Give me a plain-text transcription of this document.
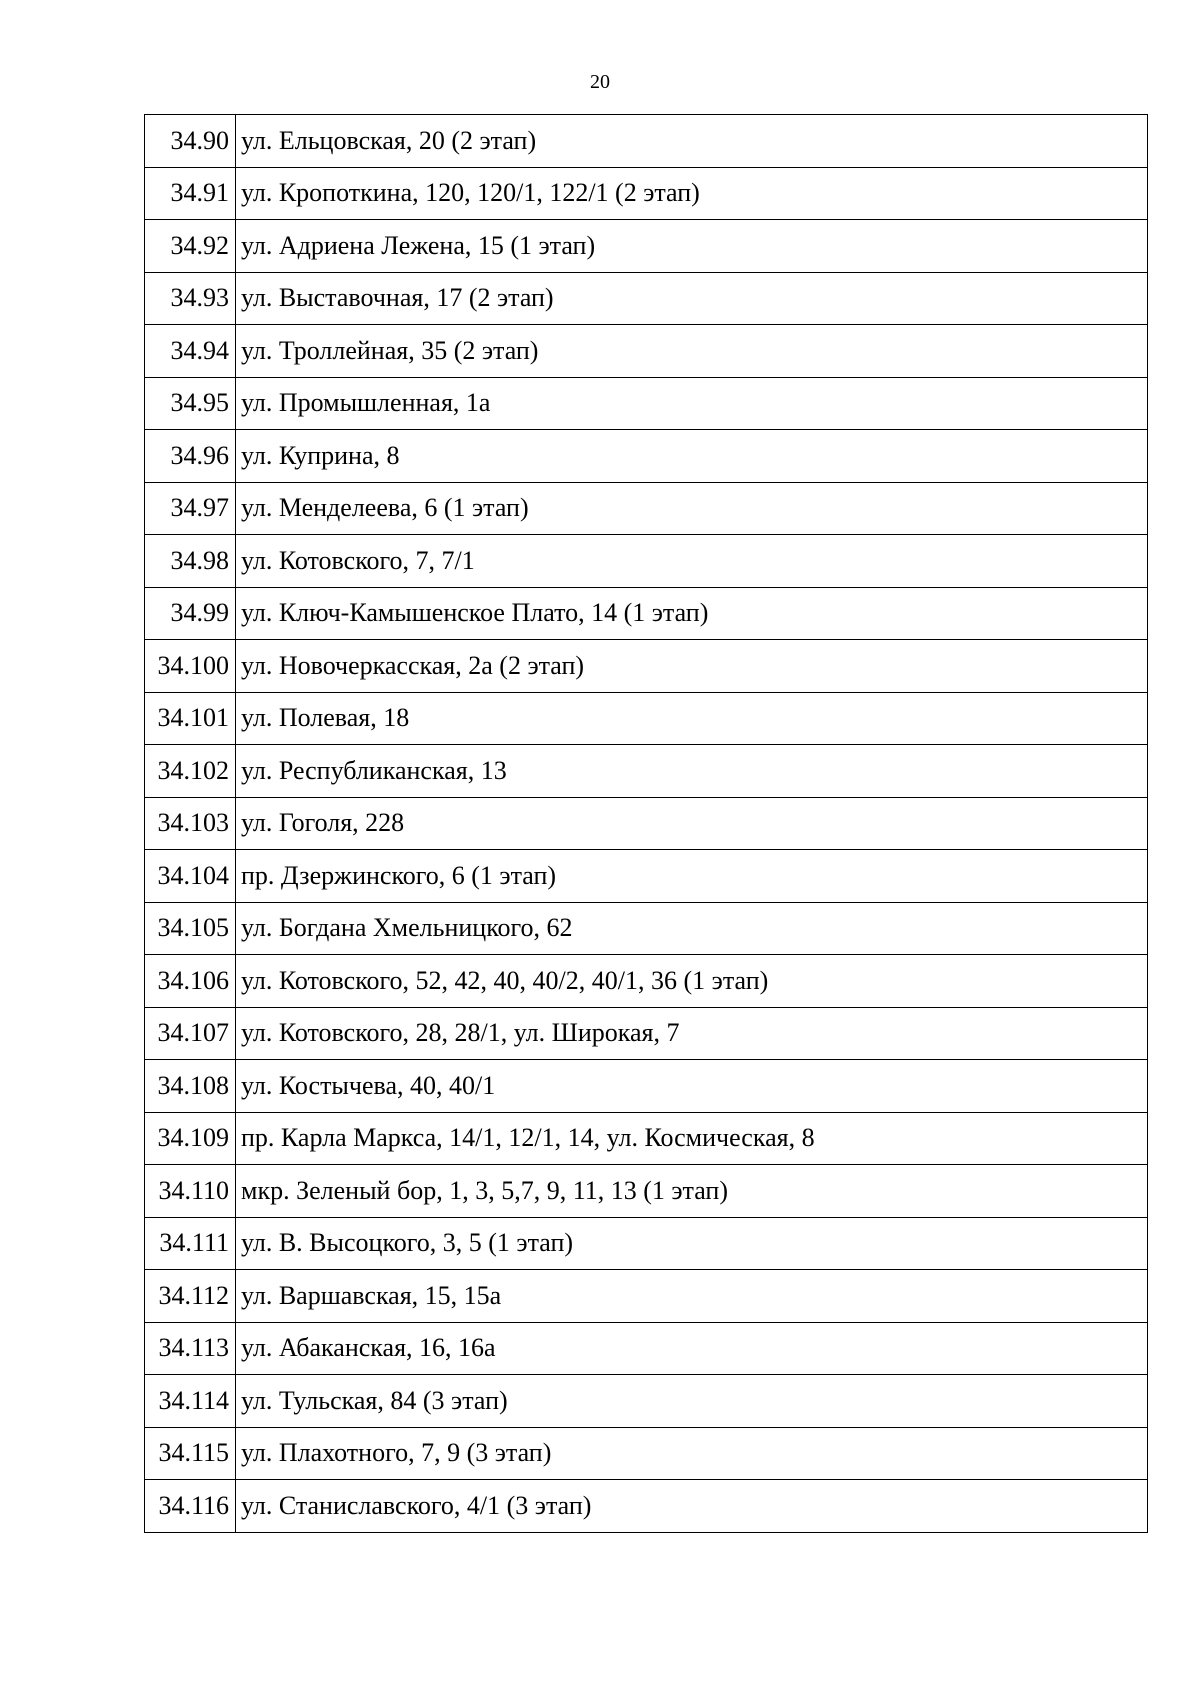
20
34.90	ул. Ельцовская, 20 (2 этап)
34.91	ул. Кропоткина, 120, 120/1, 122/1 (2 этап)
34.92	ул. Адриена Лежена, 15 (1 этап)
34.93	ул. Выставочная, 17 (2 этап)
34.94	ул. Троллейная, 35 (2 этап)
34.95	ул. Промышленная, 1а
34.96	ул. Куприна, 8
34.97	ул. Менделеева, 6 (1 этап)
34.98	ул. Котовского, 7, 7/1
34.99	ул. Ключ-Камышенское Плато, 14 (1 этап)
34.100	ул. Новочеркасская, 2а (2 этап)
34.101	ул. Полевая, 18
34.102	ул. Республиканская, 13
34.103	ул. Гоголя, 228
34.104	пр. Дзержинского, 6 (1 этап)
34.105	ул. Богдана Хмельницкого, 62
34.106	ул. Котовского, 52, 42, 40, 40/2, 40/1, 36 (1 этап)
34.107	ул. Котовского, 28, 28/1, ул. Широкая, 7
34.108	ул. Костычева, 40, 40/1
34.109	пр. Карла Маркса, 14/1, 12/1, 14, ул. Космическая, 8
34.110	мкр. Зеленый бор, 1, 3, 5,7, 9, 11, 13 (1 этап)
34.111	ул. В. Высоцкого, 3, 5 (1 этап)
34.112	ул. Варшавская, 15, 15а
34.113	ул. Абаканская, 16, 16а
34.114	ул. Тульская, 84 (3 этап)
34.115	ул. Плахотного, 7, 9 (3 этап)
34.116	ул. Станиславского, 4/1 (3 этап)
